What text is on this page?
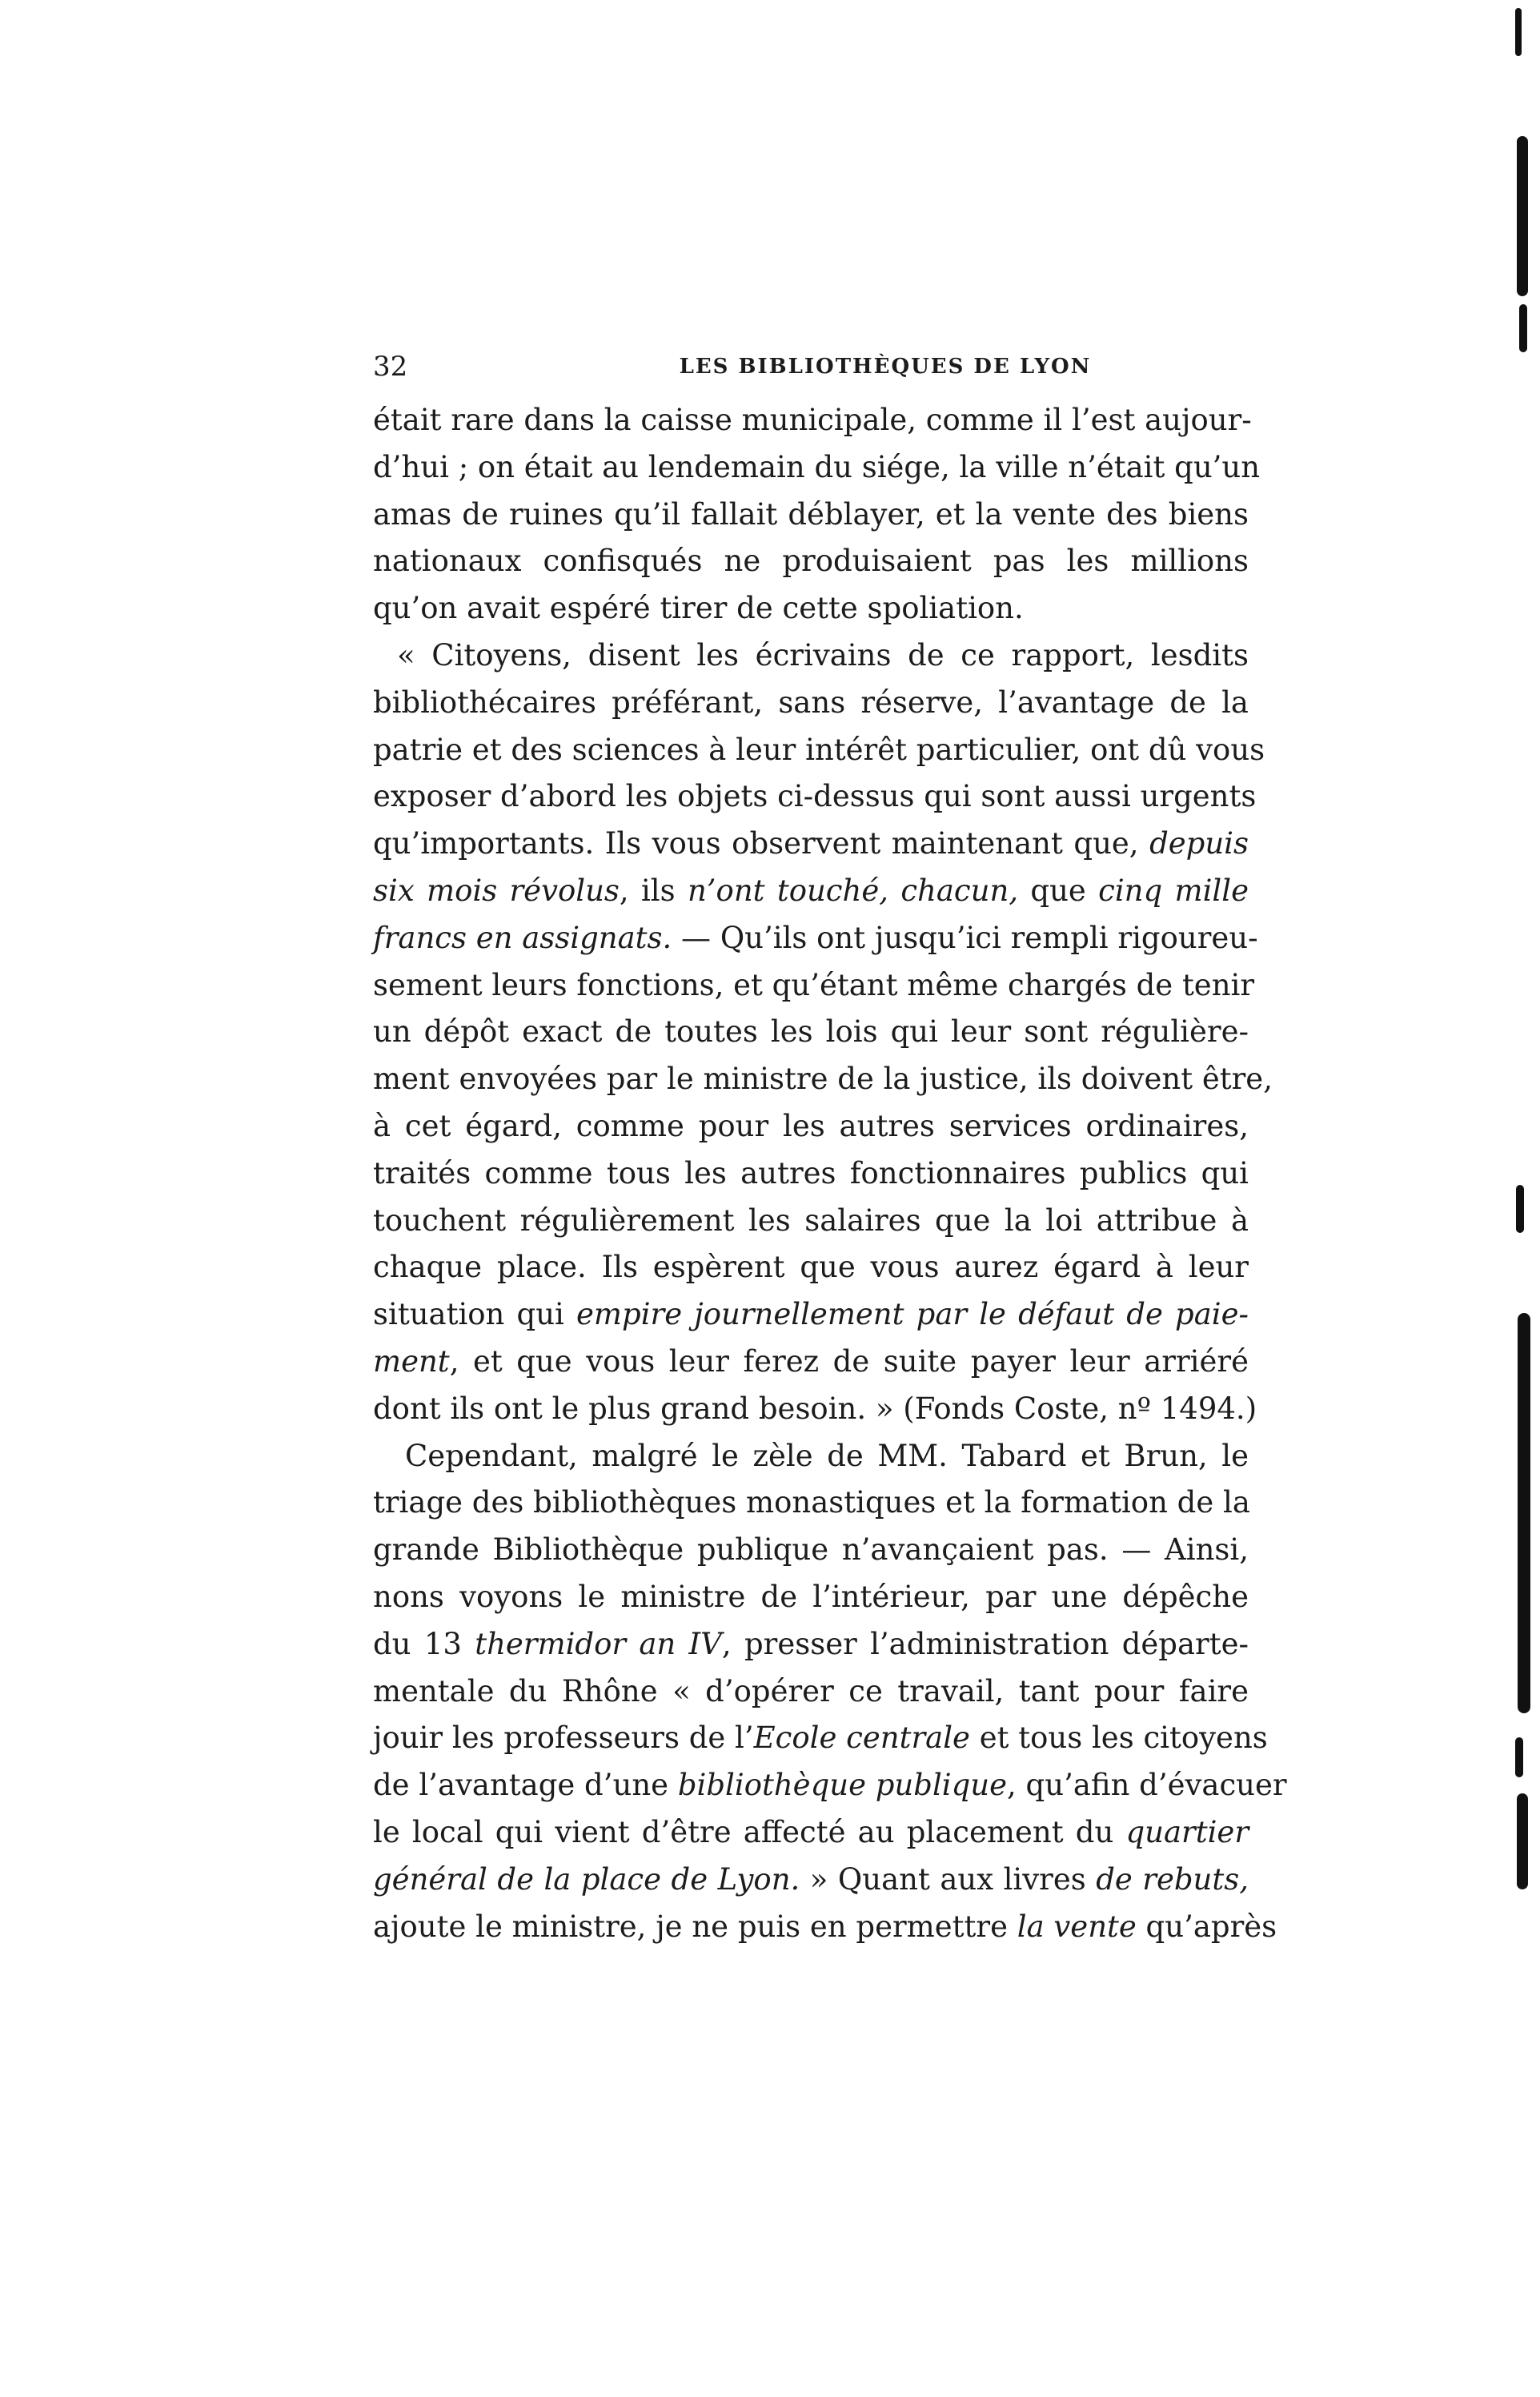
32	LES BIBLIOTHÈQUES DE LYON
était rare dans la caisse municipale, comme il l’est aujour-
d’hui ; on était au lendemain du siége, la ville n’était qu’un
amas de ruines qu’il fallait déblayer, et la vente des biens
nationaux confisqués ne produisaient pas les millions
qu’on avait espéré tirer de cette spoliation.
« Citoyens, disent les écrivains de ce rapport, lesdits
bibliothécaires préférant, sans réserve, l’avantage de la
patrie et des sciences à leur intérêt particulier, ont dû vous
exposer d’abord les objets ci-dessus qui sont aussi urgents
qu’importants. Ils vous observent maintenant que, depuis
six mois révolus, ils n’ont touché, chacun, que cinq mille
francs en assignats. — Qu’ils ont jusqu’ici rempli rigoureu-
sement leurs fonctions, et qu’étant même chargés de tenir
un dépôt exact de toutes les lois qui leur sont régulière-
ment envoyées par le ministre de la justice, ils doivent être,
à cet égard, comme pour les autres services ordinaires,
traités comme tous les autres fonctionnaires publics qui
touchent régulièrement les salaires que la loi attribue à
chaque place. Ils espèrent que vous aurez égard à leur
situation qui empire journellement par le défaut de paie-
ment, et que vous leur ferez de suite payer leur arriéré
dont ils ont le plus grand besoin. » (Fonds Coste, nº 1494.)
Cependant, malgré le zèle de MM. Tabard et Brun, le
triage des bibliothèques monastiques et la formation de la
grande Bibliothèque publique n’avançaient pas. — Ainsi,
nons voyons le ministre de l’intérieur, par une dépêche
du 13 thermidor an IV, presser l’administration départe-
mentale du Rhône « d’opérer ce travail, tant pour faire
jouir les professeurs de l’Ecole centrale et tous les citoyens
de l’avantage d’une bibliothèque publique, qu’afin d’évacuer
le local qui vient d’être affecté au placement du quartier
général de la place de Lyon. » Quant aux livres de rebuts,
ajoute le ministre, je ne puis en permettre la vente qu’après
